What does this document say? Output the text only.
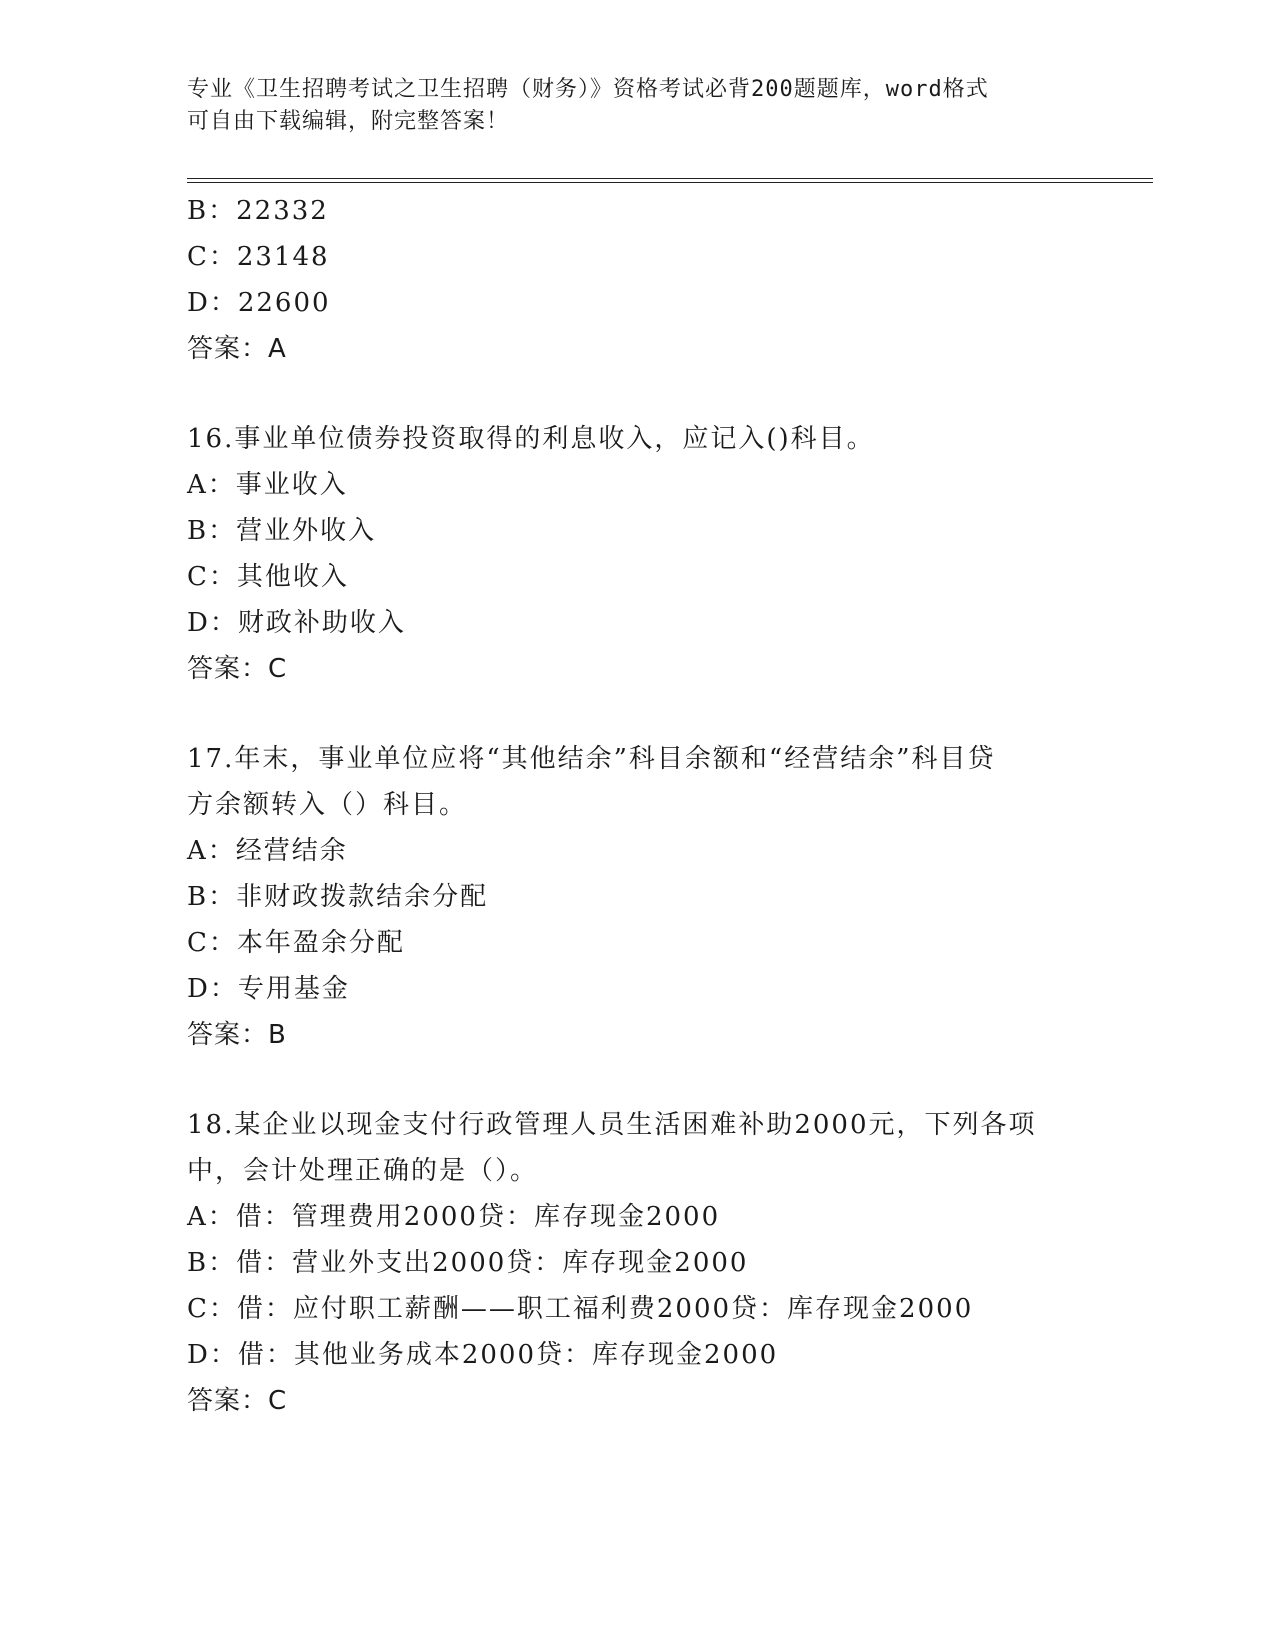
专业《卫生招聘考试之卫生招聘（财务）》资格考试必背200题题库，word格式
可自由下载编辑，附完整答案！
B：22332
C：23148
D：22600
答案：A
16.事业单位债券投资取得的利息收入，应记入()科目。
A：事业收入
B：营业外收入
C：其他收入
D：财政补助收入
答案：C
17.年末，事业单位应将“其他结余”科目余额和“经营结余”科目贷
方余额转入（）科目。
A：经营结余
B：非财政拨款结余分配
C：本年盈余分配
D：专用基金
答案：B
18.某企业以现金支付行政管理人员生活困难补助2000元，下列各项
中，会计处理正确的是（）。
A：借：管理费用2000贷：库存现金2000
B：借：营业外支出2000贷：库存现金2000
C：借：应付职工薪酬——职工福利费2000贷：库存现金2000
D：借：其他业务成本2000贷：库存现金2000
答案：C
